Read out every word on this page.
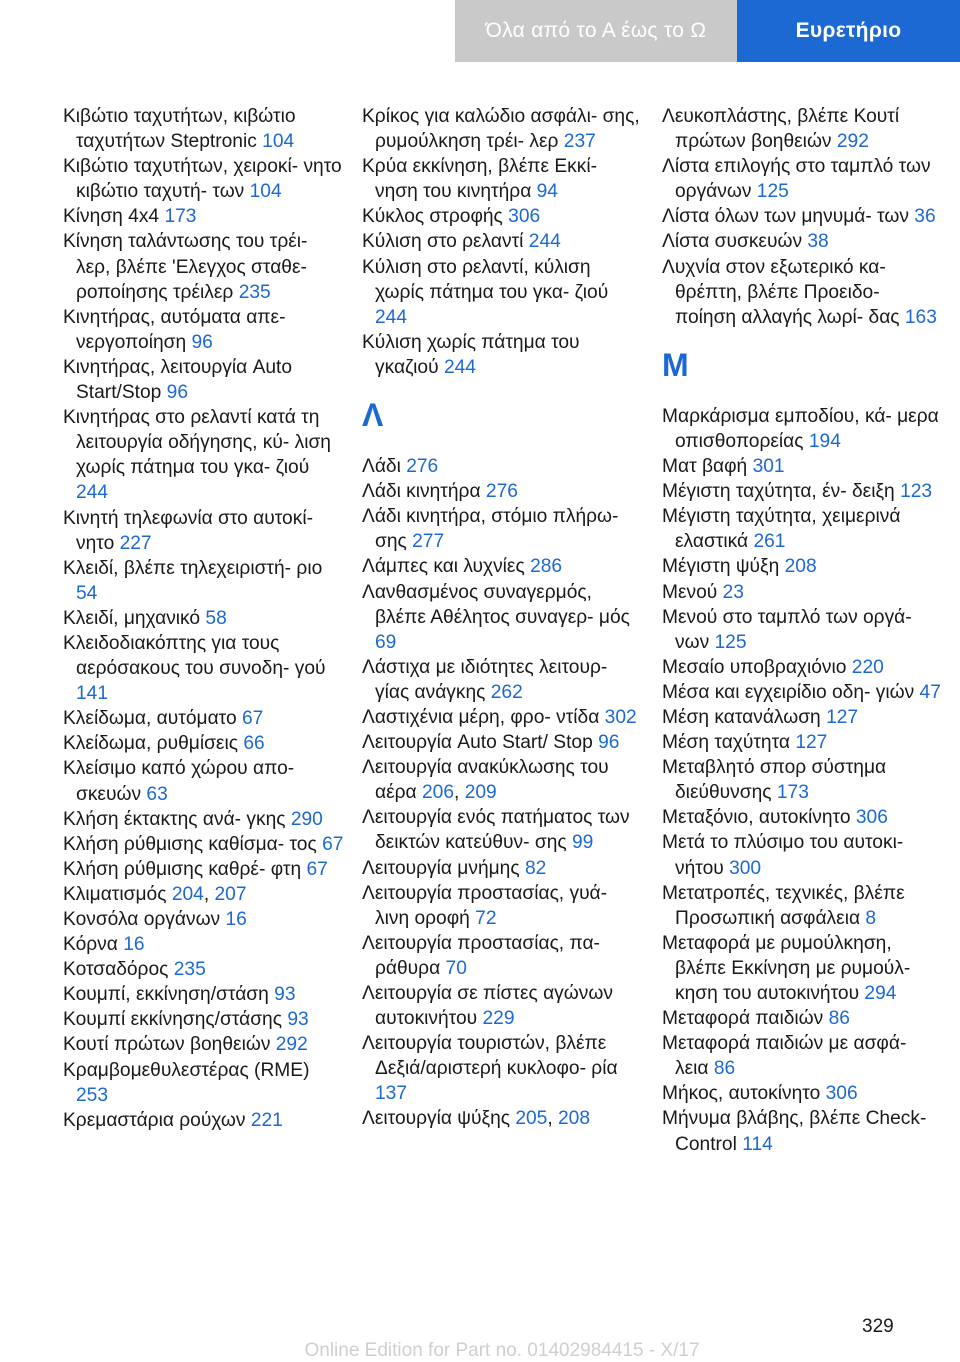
Όλα από το Α έως το Ω	Ευρετήριο
Κιβώτιο ταχυτήτων, κιβώτιο ταχυτήτων Steptronic 104
Κιβώτιο ταχυτήτων, χειροκί- νητο κιβώτιο ταχυτή- των 104
Κίνηση 4x4 173
Κίνηση ταλάντωσης του τρέι- λερ, βλέπε 'Ελεγχος σταθε- ροποίησης τρέιλερ 235
Κινητήρας, αυτόματα απε- νεργοποίηση 96
Κινητήρας, λειτουργία Auto Start/Stop 96
Κινητήρας στο ρελαντί κατά τη λειτουργία οδήγησης, κύ- λιση χωρίς πάτημα του γκα- ζιού 244
Κινητή τηλεφωνία στο αυτοκί- νητο 227
Κλειδί, βλέπε τηλεχειριστή- ριο 54
Κλειδί, μηχανικό 58
Κλειδοδιακόπτης για τους αερόσακους του συνοδη- γού 141
Κλείδωμα, αυτόματο 67
Κλείδωμα, ρυθμίσεις 66
Κλείσιμο καπό χώρου απο- σκευών 63
Κλήση έκτακτης ανά- γκης 290
Κλήση ρύθμισης καθίσμα- τος 67
Κλήση ρύθμισης καθρέ- φτη 67
Κλιματισμός 204, 207
Κονσόλα οργάνων 16
Κόρνα 16
Κοτσαδόρος 235
Κουμπί, εκκίνηση/στάση 93
Κουμπί εκκίνησης/στάσης 93
Κουτί πρώτων βοηθειών 292
Κραμβομεθυλεστέρας (RME) 253
Κρεμαστάρια ρούχων 221
Κρίκος για καλώδιο ασφάλι- σης, ρυμούλκηση τρέι- λερ 237
Κρύα εκκίνηση, βλέπε Εκκί- νηση του κινητήρα 94
Κύκλος στροφής 306
Κύλιση στο ρελαντί 244
Κύλιση στο ρελαντί, κύλιση χωρίς πάτημα του γκα- ζιού 244
Κύλιση χωρίς πάτημα του γκαζιού 244
Λ
Λάδι 276
Λάδι κινητήρα 276
Λάδι κινητήρα, στόμιο πλήρω- σης 277
Λάμπες και λυχνίες 286
Λανθασμένος συναγερμός, βλέπε Αθέλητος συναγερ- μός 69
Λάστιχα με ιδιότητες λειτουρ- γίας ανάγκης 262
Λαστιχένια μέρη, φρο- ντίδα 302
Λειτουργία Auto Start/ Stop 96
Λειτουργία ανακύκλωσης του αέρα 206, 209
Λειτουργία ενός πατήματος των δεικτών κατεύθυν- σης 99
Λειτουργία μνήμης 82
Λειτουργία προστασίας, γυά- λινη οροφή 72
Λειτουργία προστασίας, πα- ράθυρα 70
Λειτουργία σε πίστες αγώνων αυτοκινήτου 229
Λειτουργία τουριστών, βλέπε Δεξιά/αριστερή κυκλοφο- ρία 137
Λειτουργία ψύξης 205, 208
Λευκοπλάστης, βλέπε Κουτί πρώτων βοηθειών 292
Λίστα επιλογής στο ταμπλό των οργάνων 125
Λίστα όλων των μηνυμά- των 36
Λίστα συσκευών 38
Λυχνία στον εξωτερικό κα- θρέπτη, βλέπε Προειδο- ποίηση αλλαγής λωρί- δας 163
Μ
Μαρκάρισμα εμποδίου, κά- μερα οπισθοπορείας 194
Ματ βαφή 301
Μέγιστη ταχύτητα, έν- δειξη 123
Μέγιστη ταχύτητα, χειμερινά ελαστικά 261
Μέγιστη ψύξη 208
Μενού 23
Μενού στο ταμπλό των οργά- νων 125
Μεσαίο υποβραχιόνιο 220
Μέσα και εγχειρίδιο οδη- γιών 47
Μέση κατανάλωση 127
Μέση ταχύτητα 127
Μεταβλητό σπορ σύστημα διεύθυνσης 173
Μεταξόνιο, αυτοκίνητο 306
Μετά το πλύσιμο του αυτοκι- νήτου 300
Μετατροπές, τεχνικές, βλέπε Προσωπική ασφάλεια 8
Μεταφορά με ρυμούλκηση, βλέπε Εκκίνηση με ρυμούλ- κηση του αυτοκινήτου 294
Μεταφορά παιδιών 86
Μεταφορά παιδιών με ασφά- λεια 86
Μήκος, αυτοκίνητο 306
Μήνυμα βλάβης, βλέπε Check-Control 114
329
Online Edition for Part no. 01402984415 - X/17
